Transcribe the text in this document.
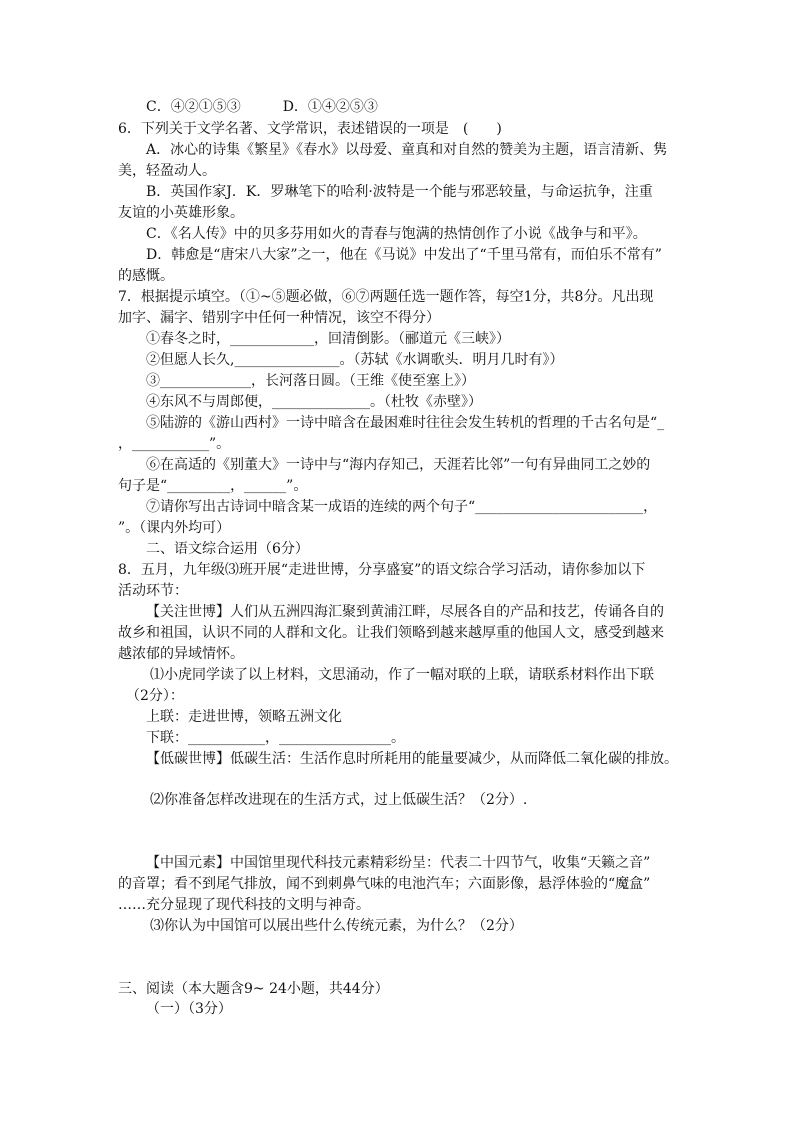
C．④②①⑤③　　　D．①④②⑤③
6．下列关于文学名著、文学常识，表述错误的一项是　(　　)
A．冰心的诗集《繁星》《春水》以母爱、童真和对自然的赞美为主题，语言清新、隽
美，轻盈动人。
B．英国作家J．K．罗琳笔下的哈利·波特是一个能与邪恶较量，与命运抗争，注重
友谊的小英雄形象。
C．《名人传》中的贝多芬用如火的青春与饱满的热情创作了小说《战争与和平》。
D．韩愈是“唐宋八大家”之一，他在《马说》中发出了“千里马常有，而伯乐不常有”
的感慨。
7．根据提示填空。（①~⑤题必做，⑥⑦两题任选一题作答，每空1分，共8分。凡出现
加字、漏字、错别字中任何一种情况，该空不得分）
①春冬之时，____________，回清倒影。（郦道元《三峡》）
②但愿人长久,_______________。（苏轼《水调歌头．明月几时有》）
③_____________，长河落日圆。（王维《使至塞上》）
④东风不与周郎便，______________。（杜牧《赤壁》）
⑤陆游的《游山西村》一诗中暗含在最困难时往往会发生转机的哲理的千古名句是“_
，___________”。
⑥在高适的《别董大》一诗中与“海内存知己，天涯若比邻”一句有异曲同工之妙的
句子是“_________，______”。
⑦请你写出古诗词中暗含某一成语的连续的两个句子“________________________，
”。（课内外均可）
二、语文综合运用（6分）
8．五月，九年级⑶班开展“走进世博，分享盛宴”的语文综合学习活动，请你参加以下
活动环节：
【关注世博】人们从五洲四海汇聚到黄浦江畔，尽展各自的产品和技艺，传诵各自的
故乡和祖国，认识不同的人群和文化。让我们领略到越来越厚重的他国人文，感受到越来
越浓郁的异域情怀。
⑴小虎同学读了以上材料，文思涌动，作了一幅对联的上联，请联系材料作出下联
（2分）：
上联：走进世博，领略五洲文化
下联：___________，________________。
【低碳世博】低碳生活：生活作息时所耗用的能量要减少，从而降低二氧化碳的排放。
⑵你准备怎样改进现在的生活方式，过上低碳生活？（2分）.
【中国元素】中国馆里现代科技元素精彩纷呈：代表二十四节气，收集“天籁之音”
的音罩；看不到尾气排放，闻不到刺鼻气味的电池汽车；六面影像，悬浮体验的“魔盒”
……充分显现了现代科技的文明与神奇。
⑶你认为中国馆可以展出些什么传统元素，为什么？（2分）
三、阅读（本大题含9~ 24小题，共44分）
（一）（3分）
